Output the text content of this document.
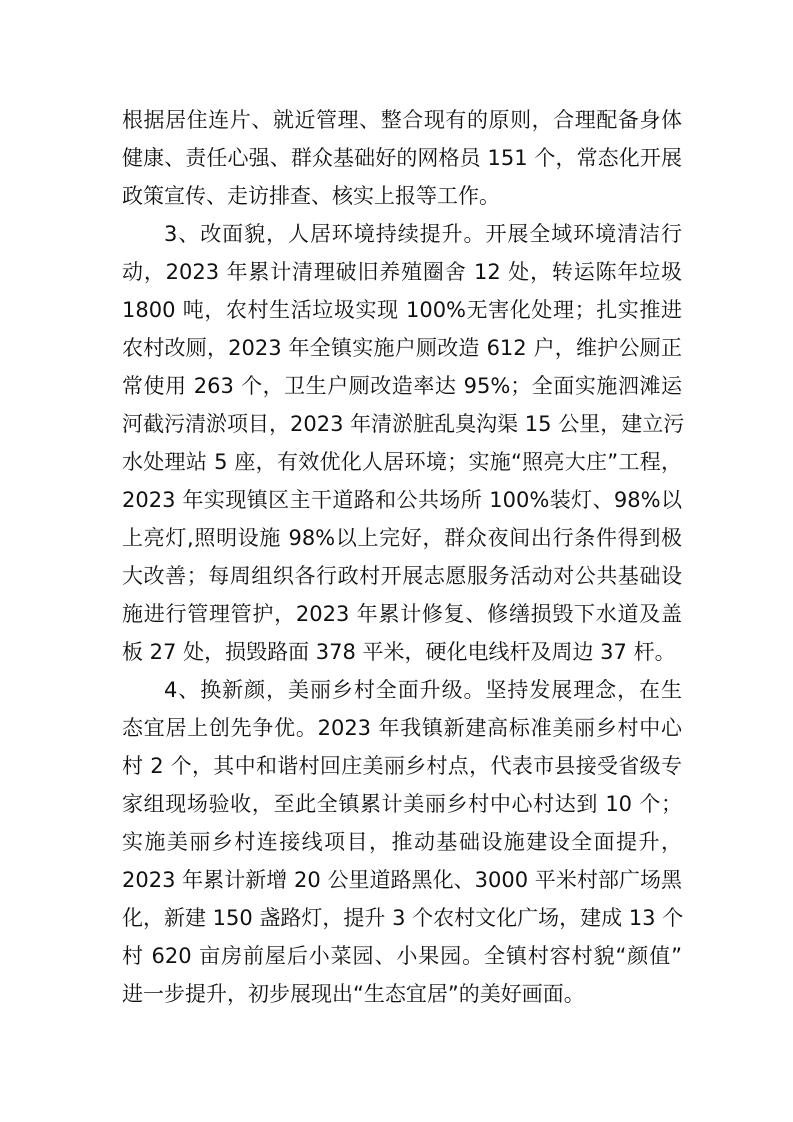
根据居住连片、就近管理、整合现有的原则，合理配备身体
健康、责任心强、群众基础好的网格员 151 个，常态化开展
政策宣传、走访排查、核实上报等工作。
3、改面貌，人居环境持续提升。开展全域环境清洁行
动，2023 年累计清理破旧养殖圈舍 12 处，转运陈年垃圾
1800 吨，农村生活垃圾实现 100%无害化处理；扎实推进
农村改厕，2023 年全镇实施户厕改造 612 户，维护公厕正
常使用 263 个，卫生户厕改造率达 95%；全面实施泗滩运
河截污清淤项目，2023 年清淤脏乱臭沟渠 15 公里，建立污
水处理站 5 座，有效优化人居环境；实施“照亮大庄”工程，
2023 年实现镇区主干道路和公共场所 100%装灯、98%以
上亮灯,照明设施 98%以上完好，群众夜间出行条件得到极
大改善；每周组织各行政村开展志愿服务活动对公共基础设
施进行管理管护，2023 年累计修复、修缮损毁下水道及盖
板 27 处，损毁路面 378 平米，硬化电线杆及周边 37 杆。
4、换新颜，美丽乡村全面升级。坚持发展理念，在生
态宜居上创先争优。2023 年我镇新建高标准美丽乡村中心
村 2 个，其中和谐村回庄美丽乡村点，代表市县接受省级专
家组现场验收，至此全镇累计美丽乡村中心村达到 10 个；
实施美丽乡村连接线项目，推动基础设施建设全面提升，
2023 年累计新增 20 公里道路黑化、3000 平米村部广场黑
化，新建 150 盏路灯，提升 3 个农村文化广场，建成 13 个
村 620 亩房前屋后小菜园、小果园。全镇村容村貌“颜值”
进一步提升，初步展现出“生态宜居”的美好画面。
